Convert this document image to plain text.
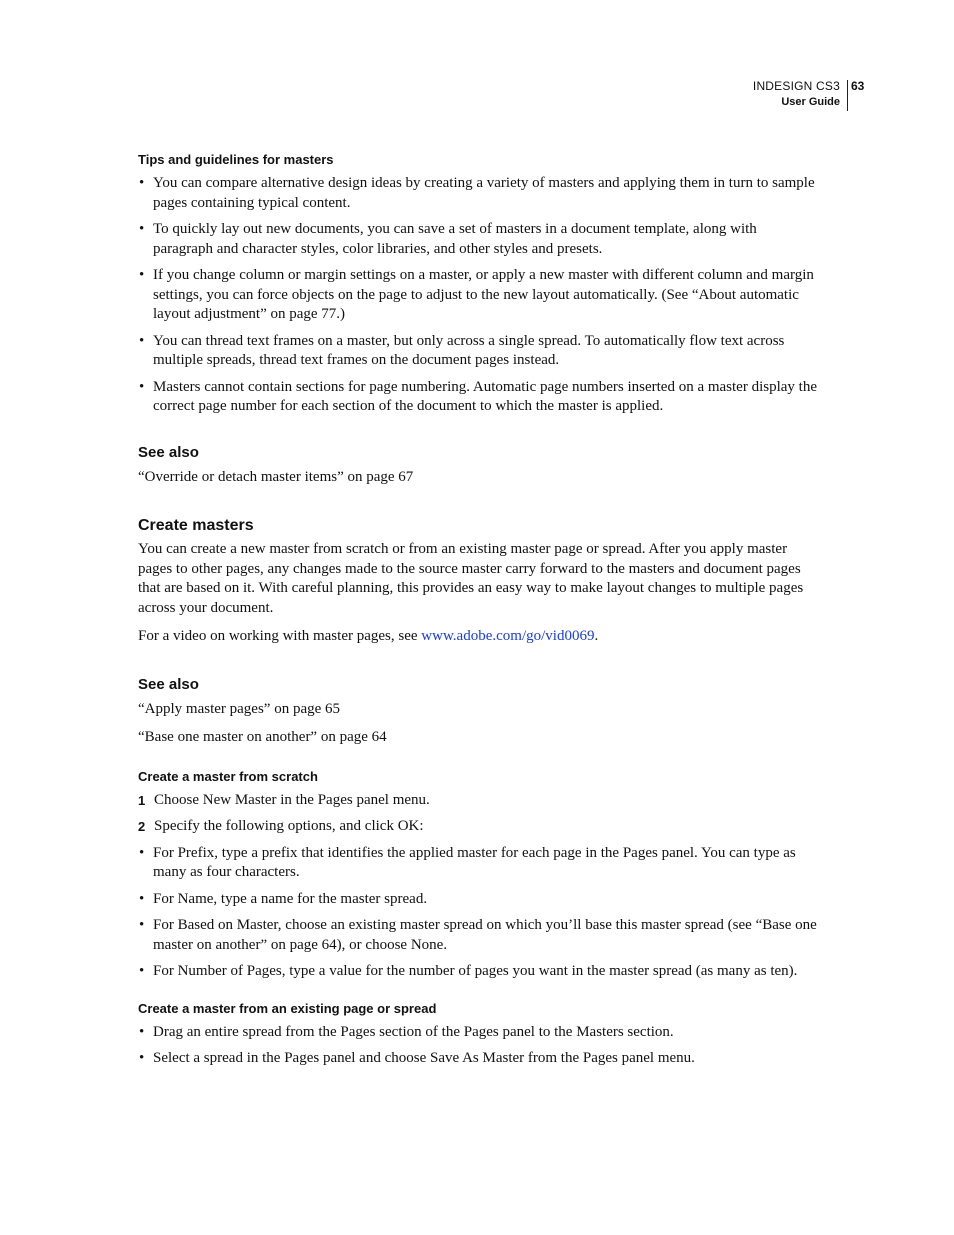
INDESIGN CS3
User Guide
63
Tips and guidelines for masters
• You can compare alternative design ideas by creating a variety of masters and applying them in turn to sample pages containing typical content.
• To quickly lay out new documents, you can save a set of masters in a document template, along with paragraph and character styles, color libraries, and other styles and presets.
• If you change column or margin settings on a master, or apply a new master with different column and margin settings, you can force objects on the page to adjust to the new layout automatically. (See “About automatic layout adjustment” on page 77.)
• You can thread text frames on a master, but only across a single spread. To automatically flow text across multiple spreads, thread text frames on the document pages instead.
• Masters cannot contain sections for page numbering. Automatic page numbers inserted on a master display the correct page number for each section of the document to which the master is applied.
See also
“Override or detach master items” on page 67
Create masters
You can create a new master from scratch or from an existing master page or spread. After you apply master pages to other pages, any changes made to the source master carry forward to the masters and document pages that are based on it. With careful planning, this provides an easy way to make layout changes to multiple pages across your document.
For a video on working with master pages, see www.adobe.com/go/vid0069.
See also
“Apply master pages” on page 65
“Base one master on another” on page 64
Create a master from scratch
1 Choose New Master in the Pages panel menu.
2 Specify the following options, and click OK:
• For Prefix, type a prefix that identifies the applied master for each page in the Pages panel. You can type as many as four characters.
• For Name, type a name for the master spread.
• For Based on Master, choose an existing master spread on which you’ll base this master spread (see “Base one master on another” on page 64), or choose None.
• For Number of Pages, type a value for the number of pages you want in the master spread (as many as ten).
Create a master from an existing page or spread
• Drag an entire spread from the Pages section of the Pages panel to the Masters section.
• Select a spread in the Pages panel and choose Save As Master from the Pages panel menu.
